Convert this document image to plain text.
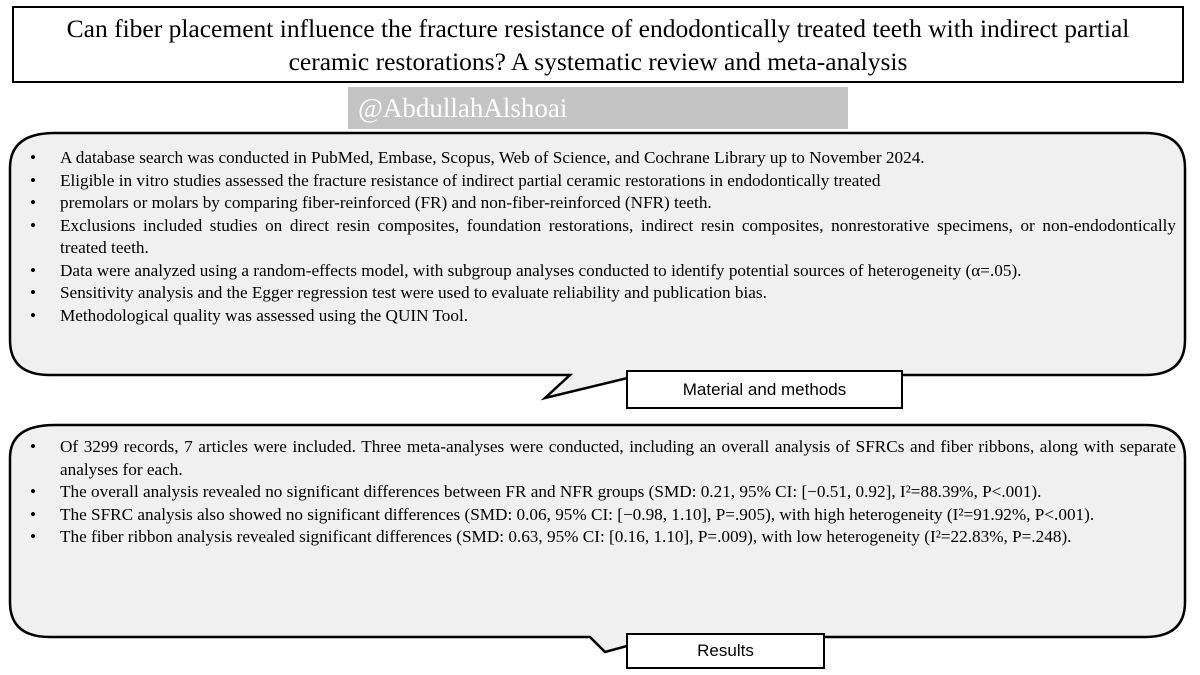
Can fiber placement influence the fracture resistance of endodontically treated teeth with indirect partial ceramic restorations? A systematic review and meta-analysis
@AbdullahAlshoai
• A database search was conducted in PubMed, Embase, Scopus, Web of Science, and Cochrane Library up to November 2024.
• Eligible in vitro studies assessed the fracture resistance of indirect partial ceramic restorations in endodontically treated
• premolars or molars by comparing fiber-reinforced (FR) and non-fiber-reinforced (NFR) teeth.
• Exclusions included studies on direct resin composites, foundation restorations, indirect resin composites, nonrestorative specimens, or non-endodontically treated teeth.
• Data were analyzed using a random-effects model, with subgroup analyses conducted to identify potential sources of heterogeneity (α=.05).
• Sensitivity analysis and the Egger regression test were used to evaluate reliability and publication bias.
• Methodological quality was assessed using the QUIN Tool.
• Of 3299 records, 7 articles were included. Three meta-analyses were conducted, including an overall analysis of SFRCs and fiber ribbons, along with separate analyses for each.
• The overall analysis revealed no significant differences between FR and NFR groups (SMD: 0.21, 95% CI: [−0.51, 0.92], I²=88.39%, P<.001).
• The SFRC analysis also showed no significant differences (SMD: 0.06, 95% CI: [−0.98, 1.10], P=.905), with high heterogeneity (I²=91.92%, P<.001).
• The fiber ribbon analysis revealed significant differences (SMD: 0.63, 95% CI: [0.16, 1.10], P=.009), with low heterogeneity (I²=22.83%, P=.248).
Material and methods
Results
